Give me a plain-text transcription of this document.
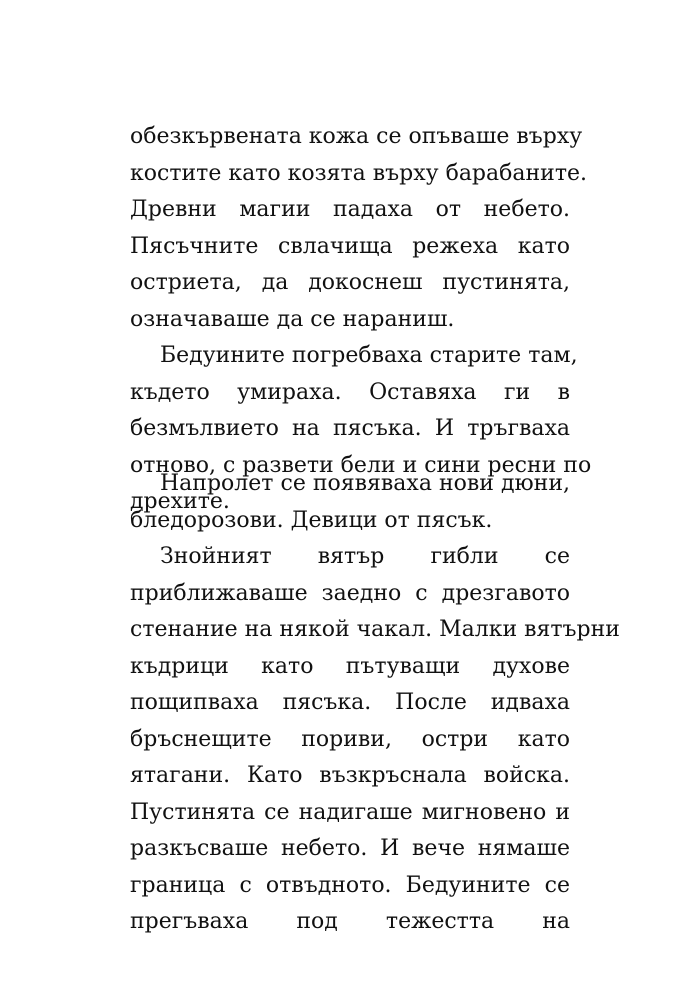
обезкървената кожа се опъваше върху
костите като козята върху барабаните.
Древни магии падаха от небето.
Пясъчните свлачища режеха като
остриета, да докоснеш пустинята,
означаваше да се нараниш.
Бедуините погребваха старите там,
където умираха. Оставяха ги в
безмълвието на пясъка. И тръгваха
отново, с развети бели и сини ресни по
дрехите.
Напролет се появяваха нови дюни,
бледорозови. Девици от пясък.
Знойният вятър гибли се
приближаваше заедно с дрезгавото
стенание на някой чакал. Малки вятърни
къдрици като пътуващи духове
пощипваха пясъка. После идваха
бръснещите пориви, остри като
ятагани. Като възкръснала войска.
Пустинята се надигаше мигновено и
разкъсваше небето. И вече нямаше
граница с отвъдното. Бедуините се
прегъваха под тежестта на
